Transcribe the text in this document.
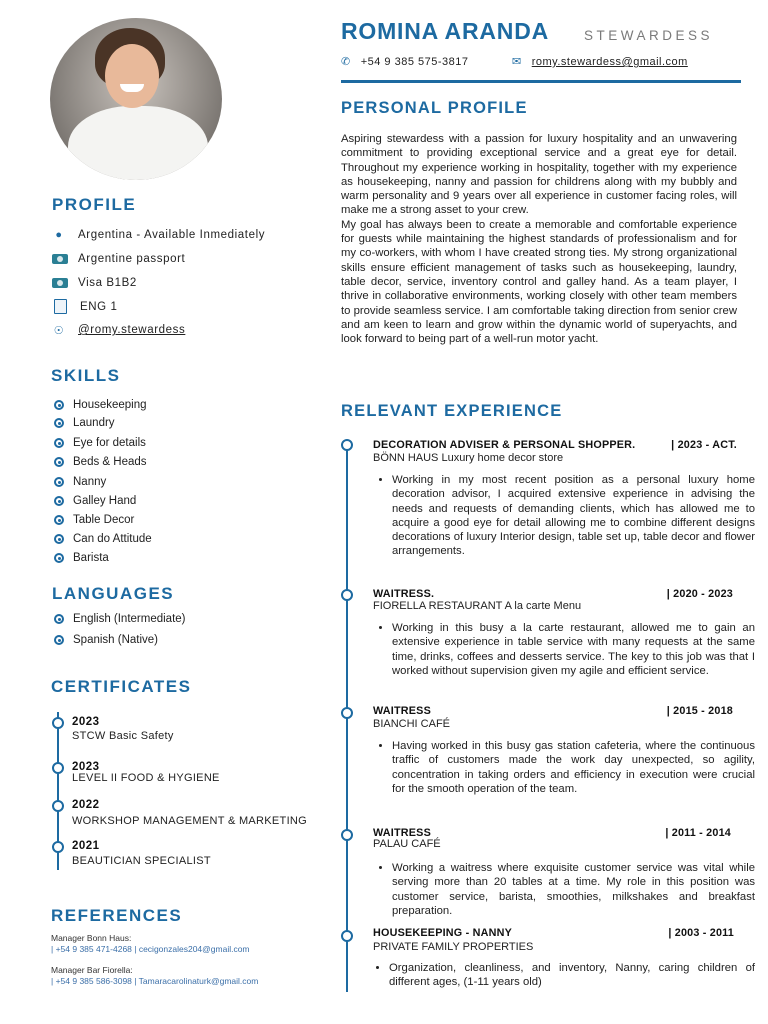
ROMINA ARANDA	STEWARDESS
✆ +54 9 385 575-3817	✉ romy.stewardess@gmail.com
PROFILE
● Argentina - Available Inmediately
Argentine passport
Visa B1B2
ENG 1
☉ @romy.stewardess
SKILLS
Housekeeping
Laundry
Eye for details
Beds & Heads
Nanny
Galley Hand
Table Decor
Can do Attitude
Barista
LANGUAGES
English (Intermediate)
Spanish (Native)
CERTIFICATES
2023
STCW Basic Safety
2023
LEVEL II FOOD & HYGIENE
2022
WORKSHOP MANAGEMENT & MARKETING
2021
BEAUTICIAN SPECIALIST
REFERENCES
Manager Bonn Haus:
| +54 9 385 471-4268 | cecigonzales204@gmail.com
Manager Bar Fiorella:
| +54 9 385 586-3098 | Tamaracarolinaturk@gmail.com
PERSONAL PROFILE
Aspiring stewardess with a passion for luxury hospitality and an unwavering commitment to providing exceptional service and a great eye for detail. Throughout my experience working in hospitality, together with my experience as housekeeping, nanny and passion for childrens along with my bubbly and warm personality and 9 years over all experience in customer facing roles, will make me a strong asset to your crew.
My goal has always been to create a memorable and comfortable experience for guests while maintaining the highest standards of professionalism and for my co-workers, with whom I have created strong ties. My strong organizational skills ensure efficient management of tasks such as housekeeping, laundry, table decor, service, inventory control and galley hand. As a team player, I thrive in collaborative environments, working closely with other team members to provide seamless service. I am comfortable taking direction from senior crew and am keen to learn and grow within the dynamic world of superyachts, and look forward to being part of a well-run motor yacht.
RELEVANT EXPERIENCE
DECORATION ADVISER & PERSONAL SHOPPER.	| 2023 - ACT.
BÖNN HAUS Luxury home decor store
• Working in my most recent position as a personal luxury home decoration advisor, I acquired extensive experience in advising the needs and requests of demanding clients, which has allowed me to acquire a good eye for detail allowing me to combine different designs decorations of luxury Interior design, table set up, table decor and flower arrangements.
WAITRESS.	| 2020 - 2023
FIORELLA RESTAURANT A la carte Menu
• Working in this busy a la carte restaurant, allowed me to gain an extensive experience in table service with many requests at the same time, drinks, coffees and desserts service. The key to this job was that I worked without supervision given my agile and efficient service.
WAITRESS	| 2015 - 2018
BIANCHI CAFÉ
• Having worked in this busy gas station cafeteria, where the continuous traffic of customers made the work day unexpected, so agility, concentration in taking orders and efficiency in execution were crucial for the smooth operation of the team.
WAITRESS	| 2011 - 2014
PALAU CAFÉ
• Working a waitress where exquisite customer service was vital while serving more than 20 tables at a time. My role in this position was customer service, barista, smoothies, milkshakes and breakfast preparation.
HOUSEKEEPING - NANNY	| 2003 - 2011
PRIVATE FAMILY PROPERTIES
• Organization, cleanliness, and inventory, Nanny, caring children of different ages, (1-11 years old)
